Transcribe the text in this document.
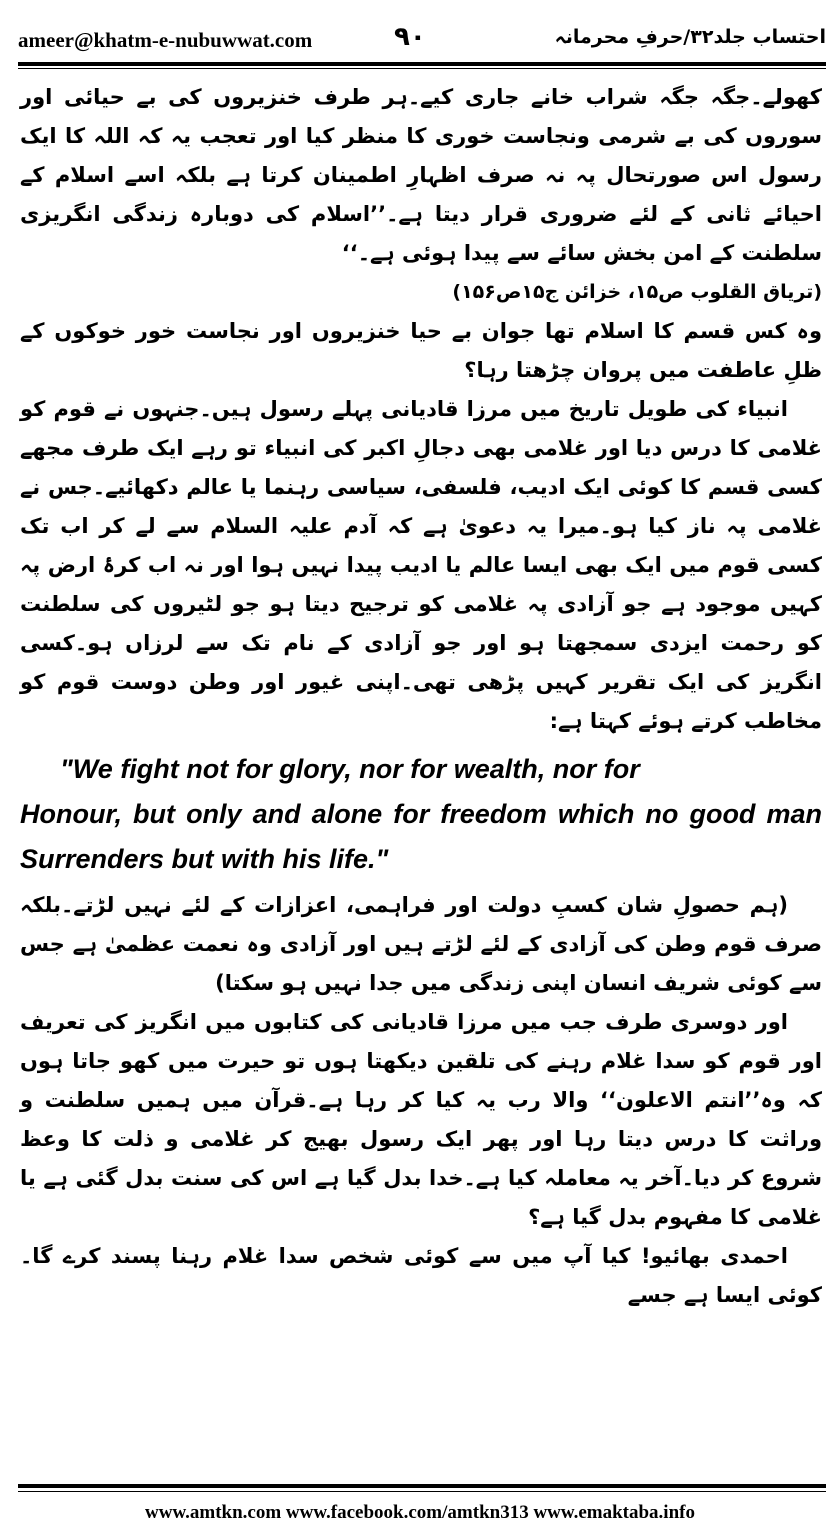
ameer@khatm-e-nubuwwat.com	۹۰	احتساب جلد۳۲/حرفِ محرمانہ

کھولے۔جگہ جگہ شراب خانے جاری کیے۔ہر طرف خنزیروں کی بے حیائی اور سوروں کی بے شرمی ونجاست خوری کا منظر کیا اور تعجب یہ کہ اللہ کا ایک رسول اس صورتحال پہ نہ صرف اظہارِ اطمینان کرتا ہے بلکہ اسے اسلام کے احیائے ثانی کے لئے ضروری قرار دیتا ہے۔’’اسلام کی دوبارہ زندگی انگریزی سلطنت کے امن بخش سائے سے پیدا ہوئی ہے۔‘‘

(تریاق القلوب ص۱۵، خزائن ج۱۵ص۱۵۶)

وہ کس قسم کا اسلام تھا جوان بے حیا خنزیروں اور نجاست خور خوکوں کے ظلِ عاطفت میں پروان چڑھتا رہا؟

انبیاء کی طویل تاریخ میں مرزا قادیانی پہلے رسول ہیں۔جنہوں نے قوم کو غلامی کا درس دیا اور غلامی بھی دجالِ اکبر کی انبیاء تو رہے ایک طرف مجھے کسی قسم کا کوئی ایک ادیب، فلسفی، سیاسی رہنما یا عالم دکھائیے۔جس نے غلامی پہ ناز کیا ہو۔میرا یہ دعویٰ ہے کہ آدم علیہ السلام سے لے کر اب تک کسی قوم میں ایک بھی ایسا عالم یا ادیب پیدا نہیں ہوا اور نہ اب کرۂ ارض پہ کہیں موجود ہے جو آزادی پہ غلامی کو ترجیح دیتا ہو جو لٹیروں کی سلطنت کو رحمت ایزدی سمجھتا ہو اور جو آزادی کے نام تک سے لرزاں ہو۔کسی انگریز کی ایک تقریر کہیں پڑھی تھی۔اپنی غیور اور وطن دوست قوم کو مخاطب کرتے ہوئے کہتا ہے:

"We fight not for glory, nor for wealth, nor for
Honour, but only and alone for freedom which no good man Surrenders but with his life."

(ہم حصولِ شان کسبِ دولت اور فراہمی، اعزازات کے لئے نہیں لڑتے۔بلکہ صرف قوم وطن کی آزادی کے لئے لڑتے ہیں اور آزادی وہ نعمت عظمیٰ ہے جس سے کوئی شریف انسان اپنی زندگی میں جدا نہیں ہو سکتا)

اور دوسری طرف جب میں مرزا قادیانی کی کتابوں میں انگریز کی تعریف اور قوم کو سدا غلام رہنے کی تلقین دیکھتا ہوں تو حیرت میں کھو جاتا ہوں کہ وہ’’انتم الاعلون‘‘ والا رب یہ کیا کر رہا ہے۔قرآن میں ہمیں سلطنت و وراثت کا درس دیتا رہا اور پھر ایک رسول بھیج کر غلامی و ذلت کا وعظ شروع کر دیا۔آخر یہ معاملہ کیا ہے۔خدا بدل گیا ہے اس کی سنت بدل گئی ہے یا غلامی کا مفہوم بدل گیا ہے؟

احمدی بھائیو! کیا آپ میں سے کوئی شخص سدا غلام رہنا پسند کرے گا۔کوئی ایسا ہے جسے

www.amtkn.com www.facebook.com/amtkn313 www.emaktaba.info
